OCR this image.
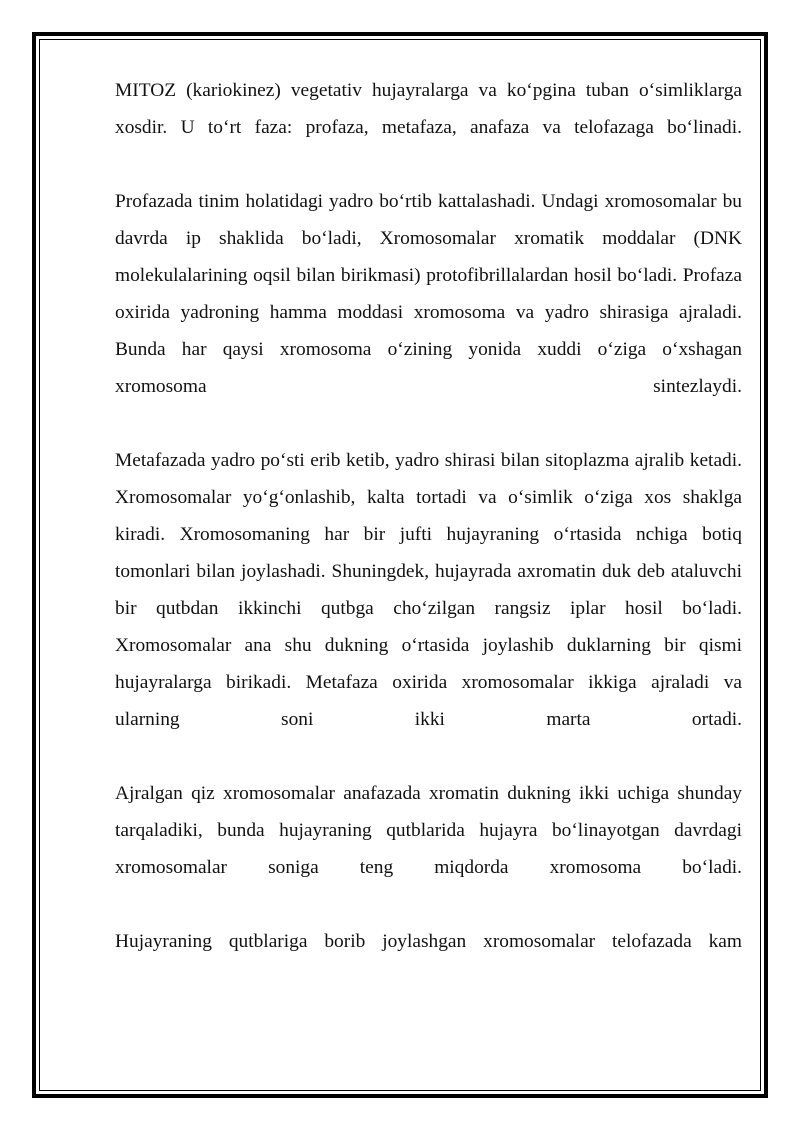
MITOZ (kariokinez) vegetativ hujayralarga va koʻpgina tuban oʻsimliklarga xosdir. U toʻrt faza: profaza, metafaza, anafaza va telofazaga boʻlinadi.

Profazada tinim holatidagi yadro boʻrtib kattalashadi. Undagi xromosomalar bu davrda ip shaklida boʻladi, Xromosomalar xromatik moddalar (DNK molekulalarining oqsil bilan birikmasi) protofibrillalardan hosil boʻladi. Profaza oxirida yadroning hamma moddasi xromosoma va yadro shirasiga ajraladi. Bunda har qaysi xromosoma oʻzining yonida xuddi oʻziga oʻxshagan xromosoma sintezlaydi.

Metafazada yadro poʻsti erib ketib, yadro shirasi bilan sitoplazma ajralib ketadi. Xromosomalar yoʻgʻonlashib, kalta tortadi va oʻsimlik oʻziga xos shaklga kiradi. Xromosomaning har bir jufti hujayraning oʻrtasida nchiga botiq tomonlari bilan joylashadi. Shuningdek, hujayrada axromatin duk deb ataluvchi bir qutbdan ikkinchi qutbga choʻzilgan rangsiz iplar hosil boʻladi. Xromosomalar ana shu dukning oʻrtasida joylashib duklarning bir qismi hujayralarga birikadi. Metafaza oxirida xromosomalar ikkiga ajraladi va ularning soni ikki marta ortadi.

Ajralgan qiz xromosomalar anafazada xromatin dukning ikki uchiga shunday tarqaladiki, bunda hujayraning qutblarida hujayra boʻlinayotgan davrdagi xromosomalar soniga teng miqdorda xromosoma boʻladi.

Hujayraning qutblariga borib joylashgan xromosomalar telofazada kam
